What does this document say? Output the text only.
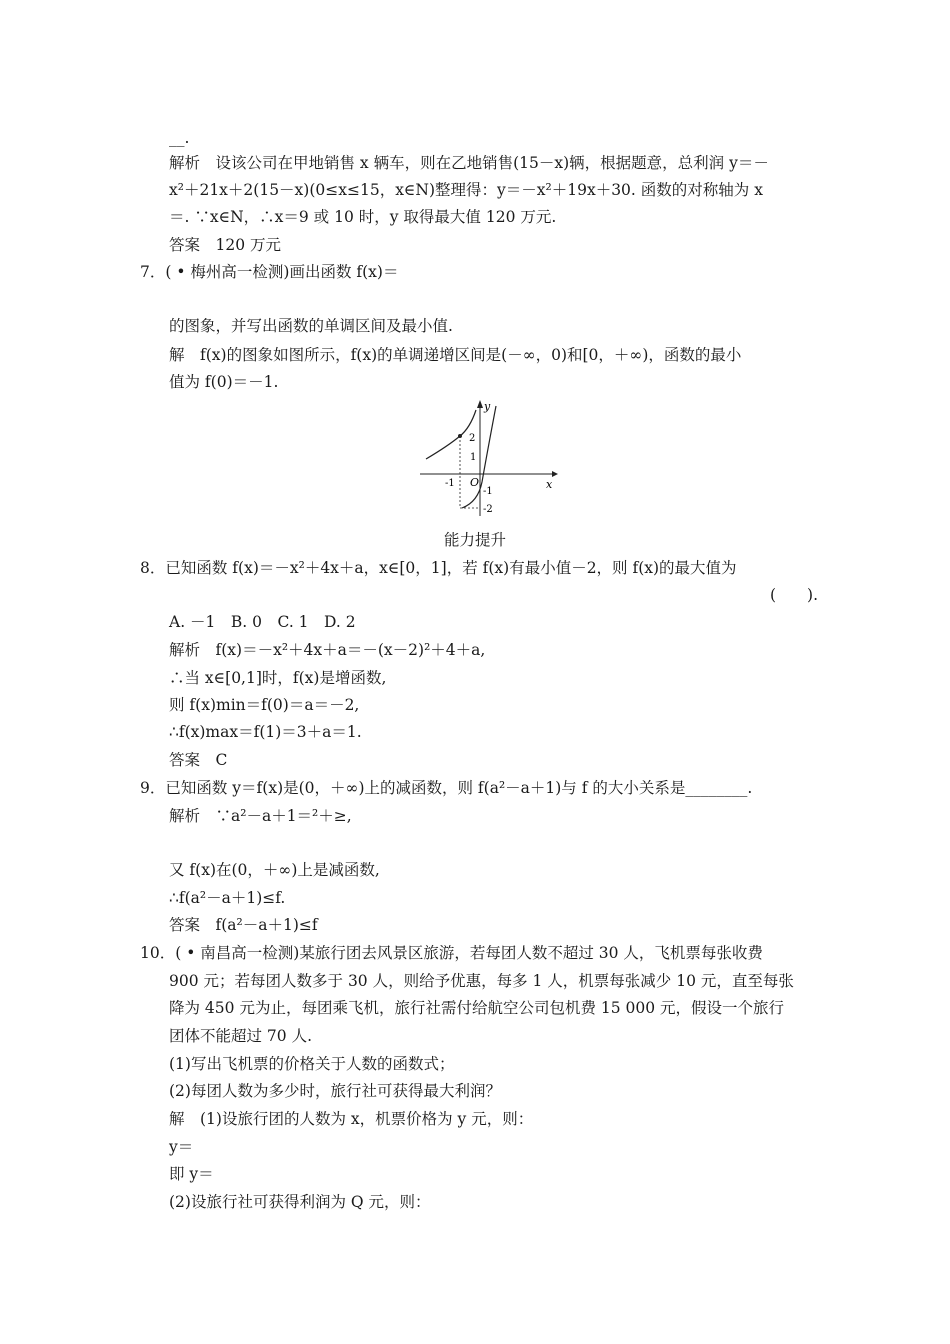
__.
解析　设该公司在甲地销售 x 辆车，则在乙地销售(15－x)辆，根据题意，总利润 y＝－
x²＋21x＋2(15－x)(0≤x≤15，x∈N)整理得：y＝－x²＋19x＋30. 函数的对称轴为 x
＝. ∵x∈N，∴x＝9 或 10 时，y 取得最大值 120 万元.
答案　120 万元
7．( • 梅州高一检测)画出函数 f(x)＝
的图象，并写出函数的单调区间及最小值.
解　f(x)的图象如图所示，f(x)的单调递增区间是(－∞，0)和[0，＋∞)，函数的最小
值为 f(0)＝－1.
x
y
O
-1
2
1
-1
-2
能力提升
8．已知函数 f(x)＝－x²＋4x＋a，x∈[0，1]，若 f(x)有最小值－2，则 f(x)的最大值为
(　　).
A. －1　B. 0　C. 1　D. 2
解析　f(x)＝－x²＋4x＋a＝－(x－2)²＋4＋a,
∴当 x∈[0,1]时，f(x)是增函数,
则 f(x)min＝f(0)＝a＝－2,
∴f(x)max＝f(1)＝3＋a＝1.
答案　C
9．已知函数 y＝f(x)是(0，＋∞)上的减函数，则 f(a²－a＋1)与 f 的大小关系是________.
解析　∵a²－a＋1＝²＋≥,
又 f(x)在(0，＋∞)上是减函数,
∴f(a²－a＋1)≤f.
答案　f(a²－a＋1)≤f
10．( • 南昌高一检测)某旅行团去风景区旅游，若每团人数不超过 30 人，飞机票每张收费
900 元；若每团人数多于 30 人，则给予优惠，每多 1 人，机票每张减少 10 元，直至每张
降为 450 元为止，每团乘飞机，旅行社需付给航空公司包机费 15 000 元，假设一个旅行
团体不能超过 70 人.
(1)写出飞机票的价格关于人数的函数式；
(2)每团人数为多少时，旅行社可获得最大利润？
解　(1)设旅行团的人数为 x，机票价格为 y 元，则：
y＝
即 y＝
(2)设旅行社可获得利润为 Q 元，则：
